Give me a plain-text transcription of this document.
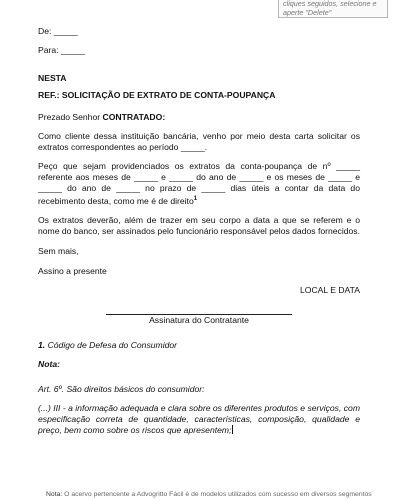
cliques seguidos, selecione e aperte "Delete"

De: _____

Para: _____

NESTA

REF.: SOLICITAÇÃO DE EXTRATO DE CONTA-POUPANÇA

Prezado Senhor CONTRATADO:

Como cliente dessa instituição bancária, venho por meio desta carta solicitar os extratos correspondentes ao período _____.

Peço que sejam providenciados os extratos da conta-poupança de nº _____ referente aos meses de _____ e _____ do ano de _____ e os meses de _____ e _____ do ano de _____ no prazo de _____ dias úteis a contar da data do recebimento desta, como me é de direito$^1$

Os extratos deverão, além de trazer em seu corpo a data a que se referem e o nome do banco, ser assinados pelo funcionário responsável pelos dados fornecidos.

Sem mais,

Assino a presente

LOCAL E DATA

Assinatura do Contratante

1. Código de Defesa do Consumidor

Nota:

Art. 6º. São direitos básicos do consumidor:

(...) III - a informação adequada e clara sobre os diferentes produtos e serviços, com especificação correta de quantidade, características, composição, qualidade e preço, bem como sobre os riscos que apresentem;

Nota: O acervo pertencente a Advogritto Fácil é de modelos utilizados com sucesso em diversos segmentos
